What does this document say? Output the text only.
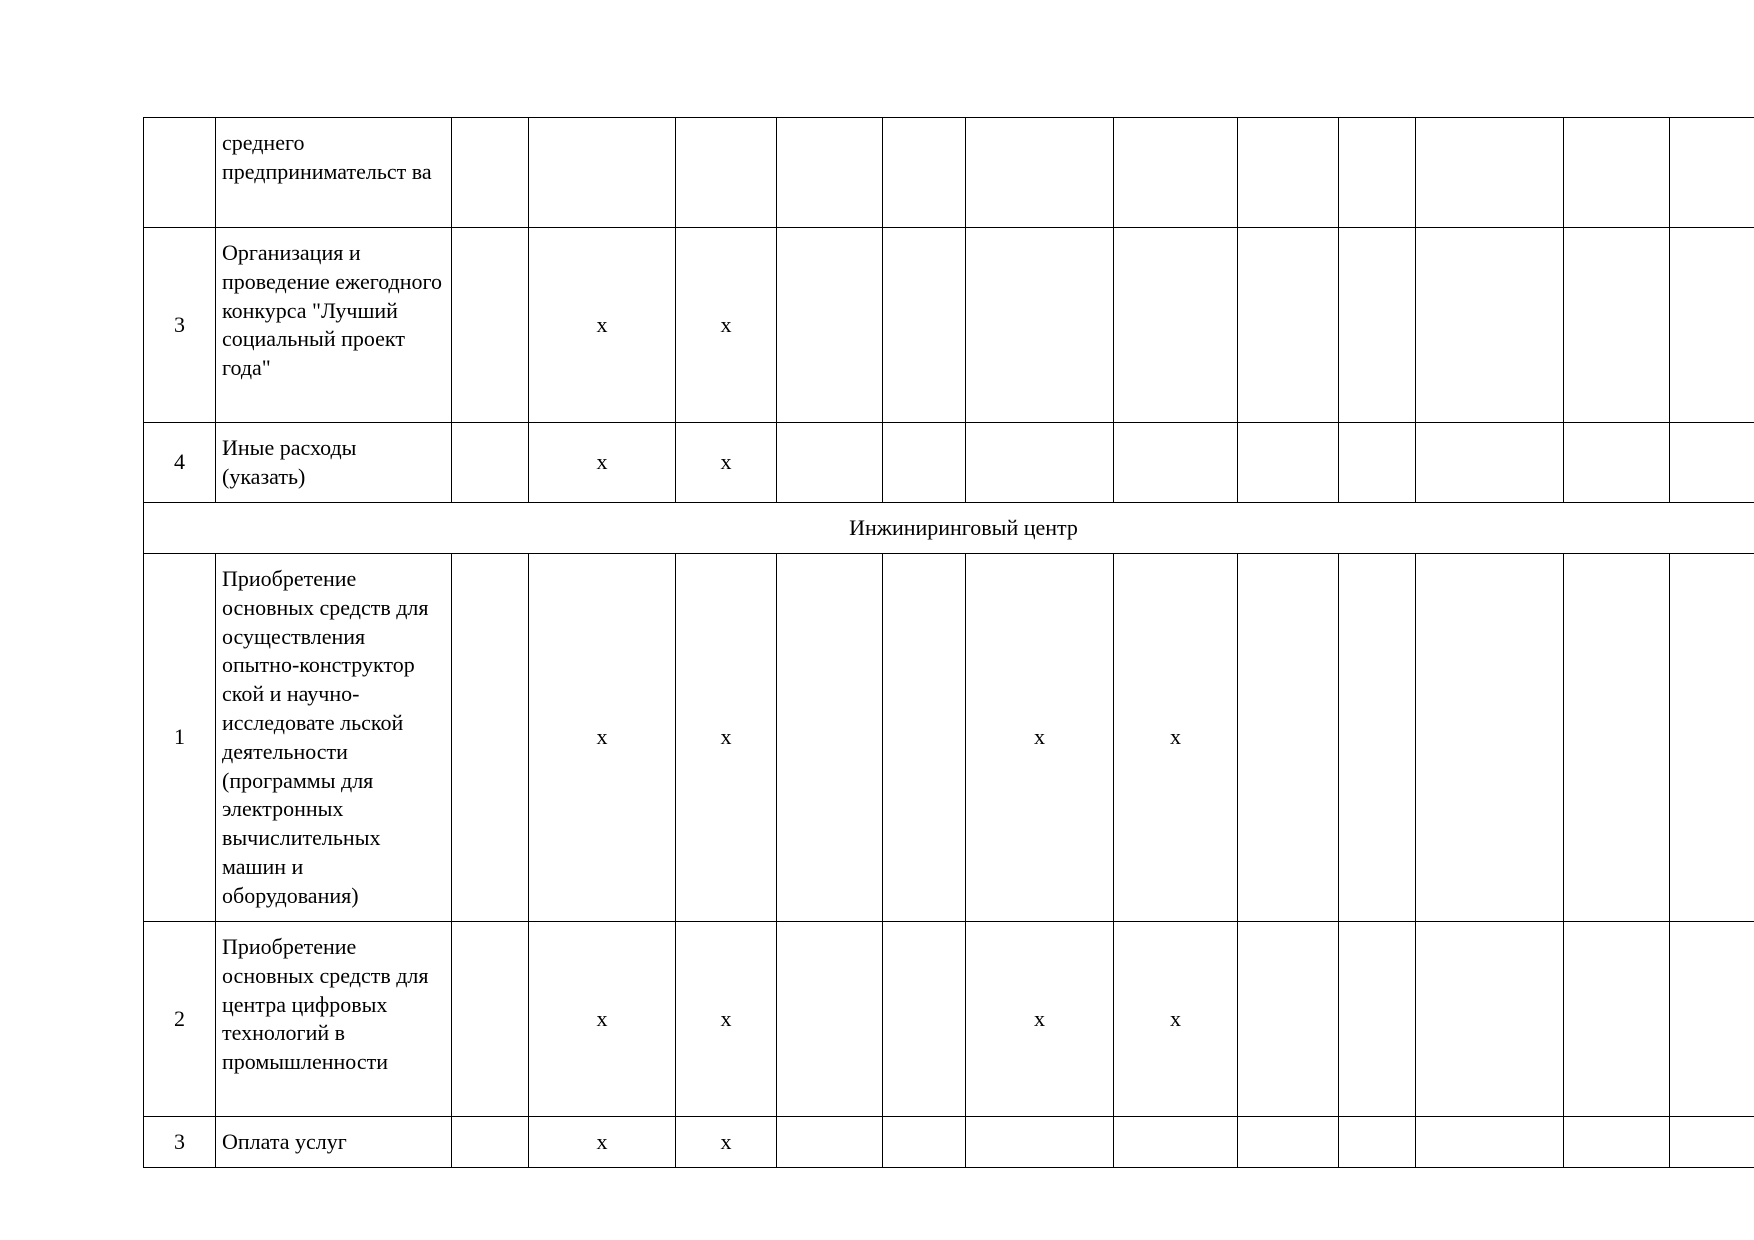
	среднего предпринимательст ва												
3	Организация и проведение ежегодного конкурса "Лучший социальный проект года"		x	x									
4	Иные расходы (указать)		x	x									
Инжиниринговый центр													
1	Приобретение основных средств для осуществления опытно-конструктор ской и научно-исследовате льской деятельности (программы для электронных вычислительных машин и оборудования)		x	x			x	x					
2	Приобретение основных средств для центра цифровых технологий в промышленности		x	x			x	x					
3	Оплата услуг		x	x									
